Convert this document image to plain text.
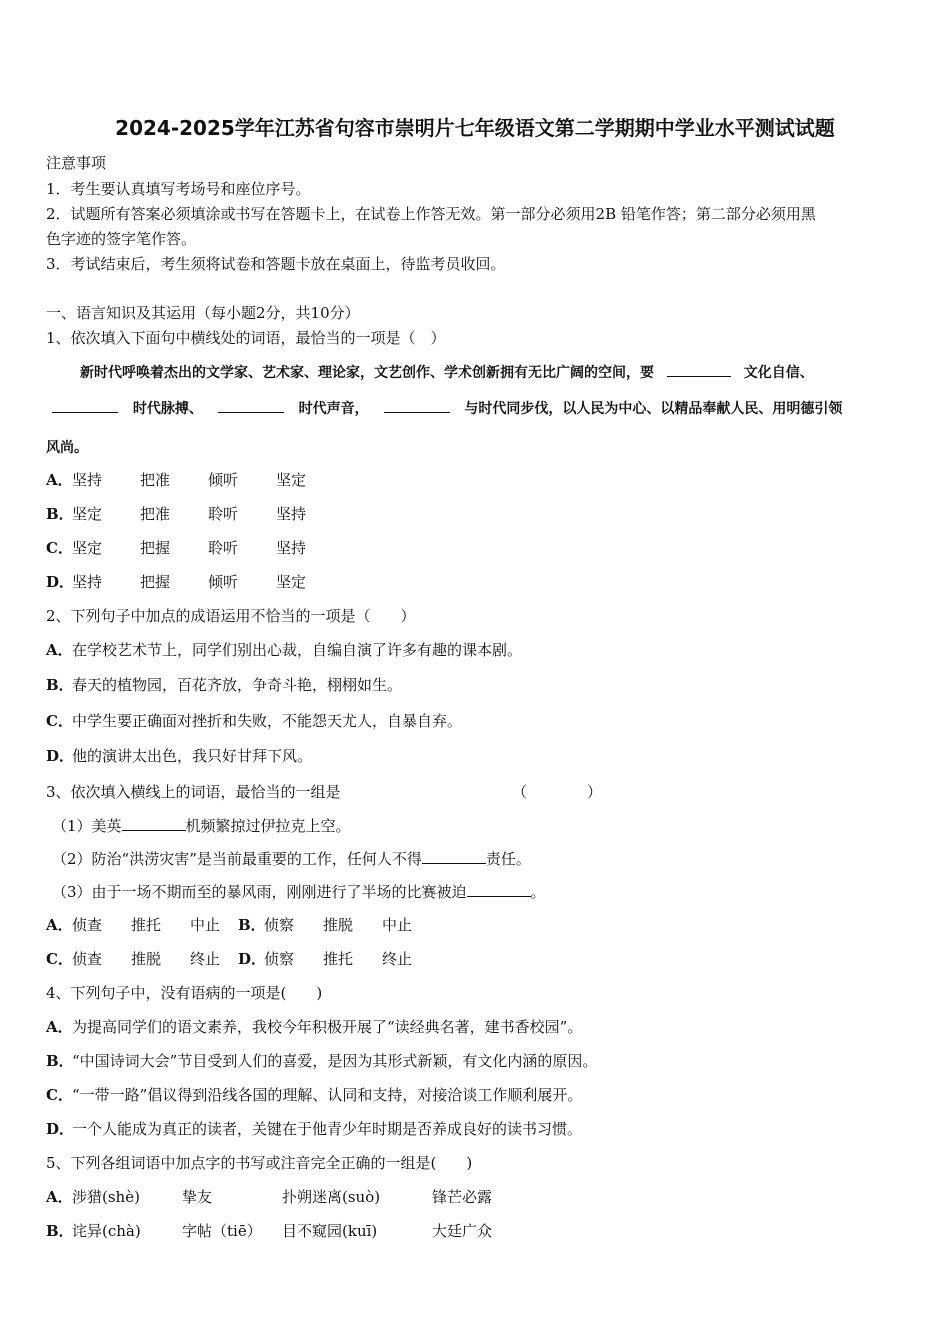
2024-2025学年江苏省句容市崇明片七年级语文第二学期期中学业水平测试试题
注意事项
1．考生要认真填写考场号和座位序号。
2．试题所有答案必须填涂或书写在答题卡上，在试卷上作答无效。第一部分必须用2B 铅笔作答；第二部分必须用黑
色字迹的签字笔作答。
3．考试结束后，考生须将试卷和答题卡放在桌面上，待监考员收回。
一、语言知识及其运用（每小题2分，共10分）
1、依次填入下面句中横线处的词语，最恰当的一项是（　）
新时代呼唤着杰出的文学家、艺术家、理论家，文艺创作、学术创新拥有无比广阔的空间，要	文化自信、
时代脉搏、	时代声音，	与时代同步伐，以人民为中心、以精品奉献人民、用明德引领
风尚。
A．坚持	把准	倾听	坚定
B．坚定	把准	聆听	坚持
C．坚定	把握	聆听	坚持
D．坚持	把握	倾听	坚定
2、下列句子中加点的成语运用不恰当的一项是（　　）
A．在学校艺术节上，同学们别出心裁，自编自演了许多有趣的课本剧。
B．春天的植物园，百花齐放，争奇斗艳，栩栩如生。
C．中学生要正确面对挫折和失败，不能怨天尤人，自暴自弃。
D．他的演讲太出色，我只好甘拜下风。
3、依次填入横线上的词语，最恰当的一组是	（　　　　）
（1）美英	机频繁掠过伊拉克上空。
（2）防治“洪涝灾害”是当前最重要的工作，任何人不得	责任。
（3）由于一场不期而至的暴风雨，刚刚进行了半场的比赛被迫	。
A．侦查 推托 中止 B．侦察 推脱 中止
C．侦查 推脱 终止 D．侦察 推托 终止
4、下列句子中，没有语病的一项是(　　)
A．为提高同学们的语文素养，我校今年积极开展了“读经典名著，建书香校园”。
B．“中国诗词大会”节目受到人们的喜爱，是因为其形式新颖，有文化内涵的原因。
C．“一带一路”倡议得到沿线各国的理解、认同和支持，对接洽谈工作顺利展开。
D．一个人能成为真正的读者，关键在于他青少年时期是否养成良好的读书习惯。
5、下列各组词语中加点字的书写或注音完全正确的一组是(　　)
A．涉猎(shè)	挚友	扑朔迷离(suò)	锋芒必露
B．诧异(chà)	字帖（tiē） 目不窥园(kuī)	大廷广众
